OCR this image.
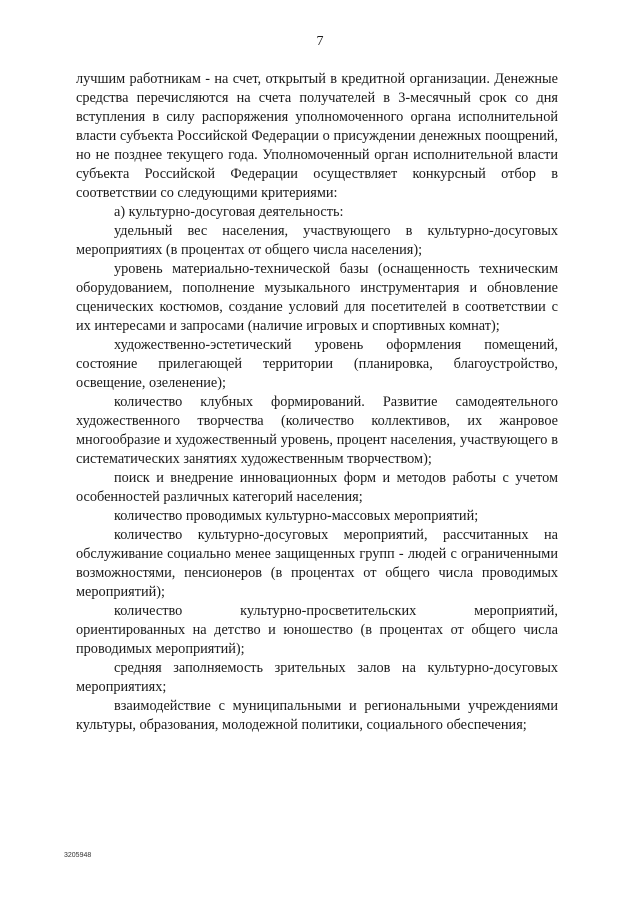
7

лучшим работникам - на счет, открытый в кредитной организации. Денежные средства перечисляются на счета получателей в 3-месячный срок со дня вступления в силу распоряжения уполномоченного органа исполнительной власти субъекта Российской Федерации о присуждении денежных поощрений, но не позднее текущего года. Уполномоченный орган исполнительной власти субъекта Российской Федерации осуществляет конкурсный отбор в соответствии со следующими критериями:

а) культурно-досуговая деятельность:

удельный вес населения, участвующего в культурно-досуговых мероприятиях (в процентах от общего числа населения);

уровень материально-технической базы (оснащенность техническим оборудованием, пополнение музыкального инструментария и обновление сценических костюмов, создание условий для посетителей в соответствии с их интересами и запросами (наличие игровых и спортивных комнат);

художественно-эстетический уровень оформления помещений, состояние прилегающей территории (планировка, благоустройство, освещение, озеленение);

количество клубных формирований. Развитие самодеятельного художественного творчества (количество коллективов, их жанровое многообразие и художественный уровень, процент населения, участвующего в систематических занятиях художественным творчеством);

поиск и внедрение инновационных форм и методов работы с учетом особенностей различных категорий населения;

количество проводимых культурно-массовых мероприятий;

количество культурно-досуговых мероприятий, рассчитанных на обслуживание социально менее защищенных групп - людей с ограниченными возможностями, пенсионеров (в процентах от общего числа проводимых мероприятий);

количество культурно-просветительских мероприятий, ориентированных на детство и юношество (в процентах от общего числа проводимых мероприятий);

средняя заполняемость зрительных залов на культурно-досуговых мероприятиях;

взаимодействие с муниципальными и региональными учреждениями культуры, образования, молодежной политики, социального обеспечения;

3205948
